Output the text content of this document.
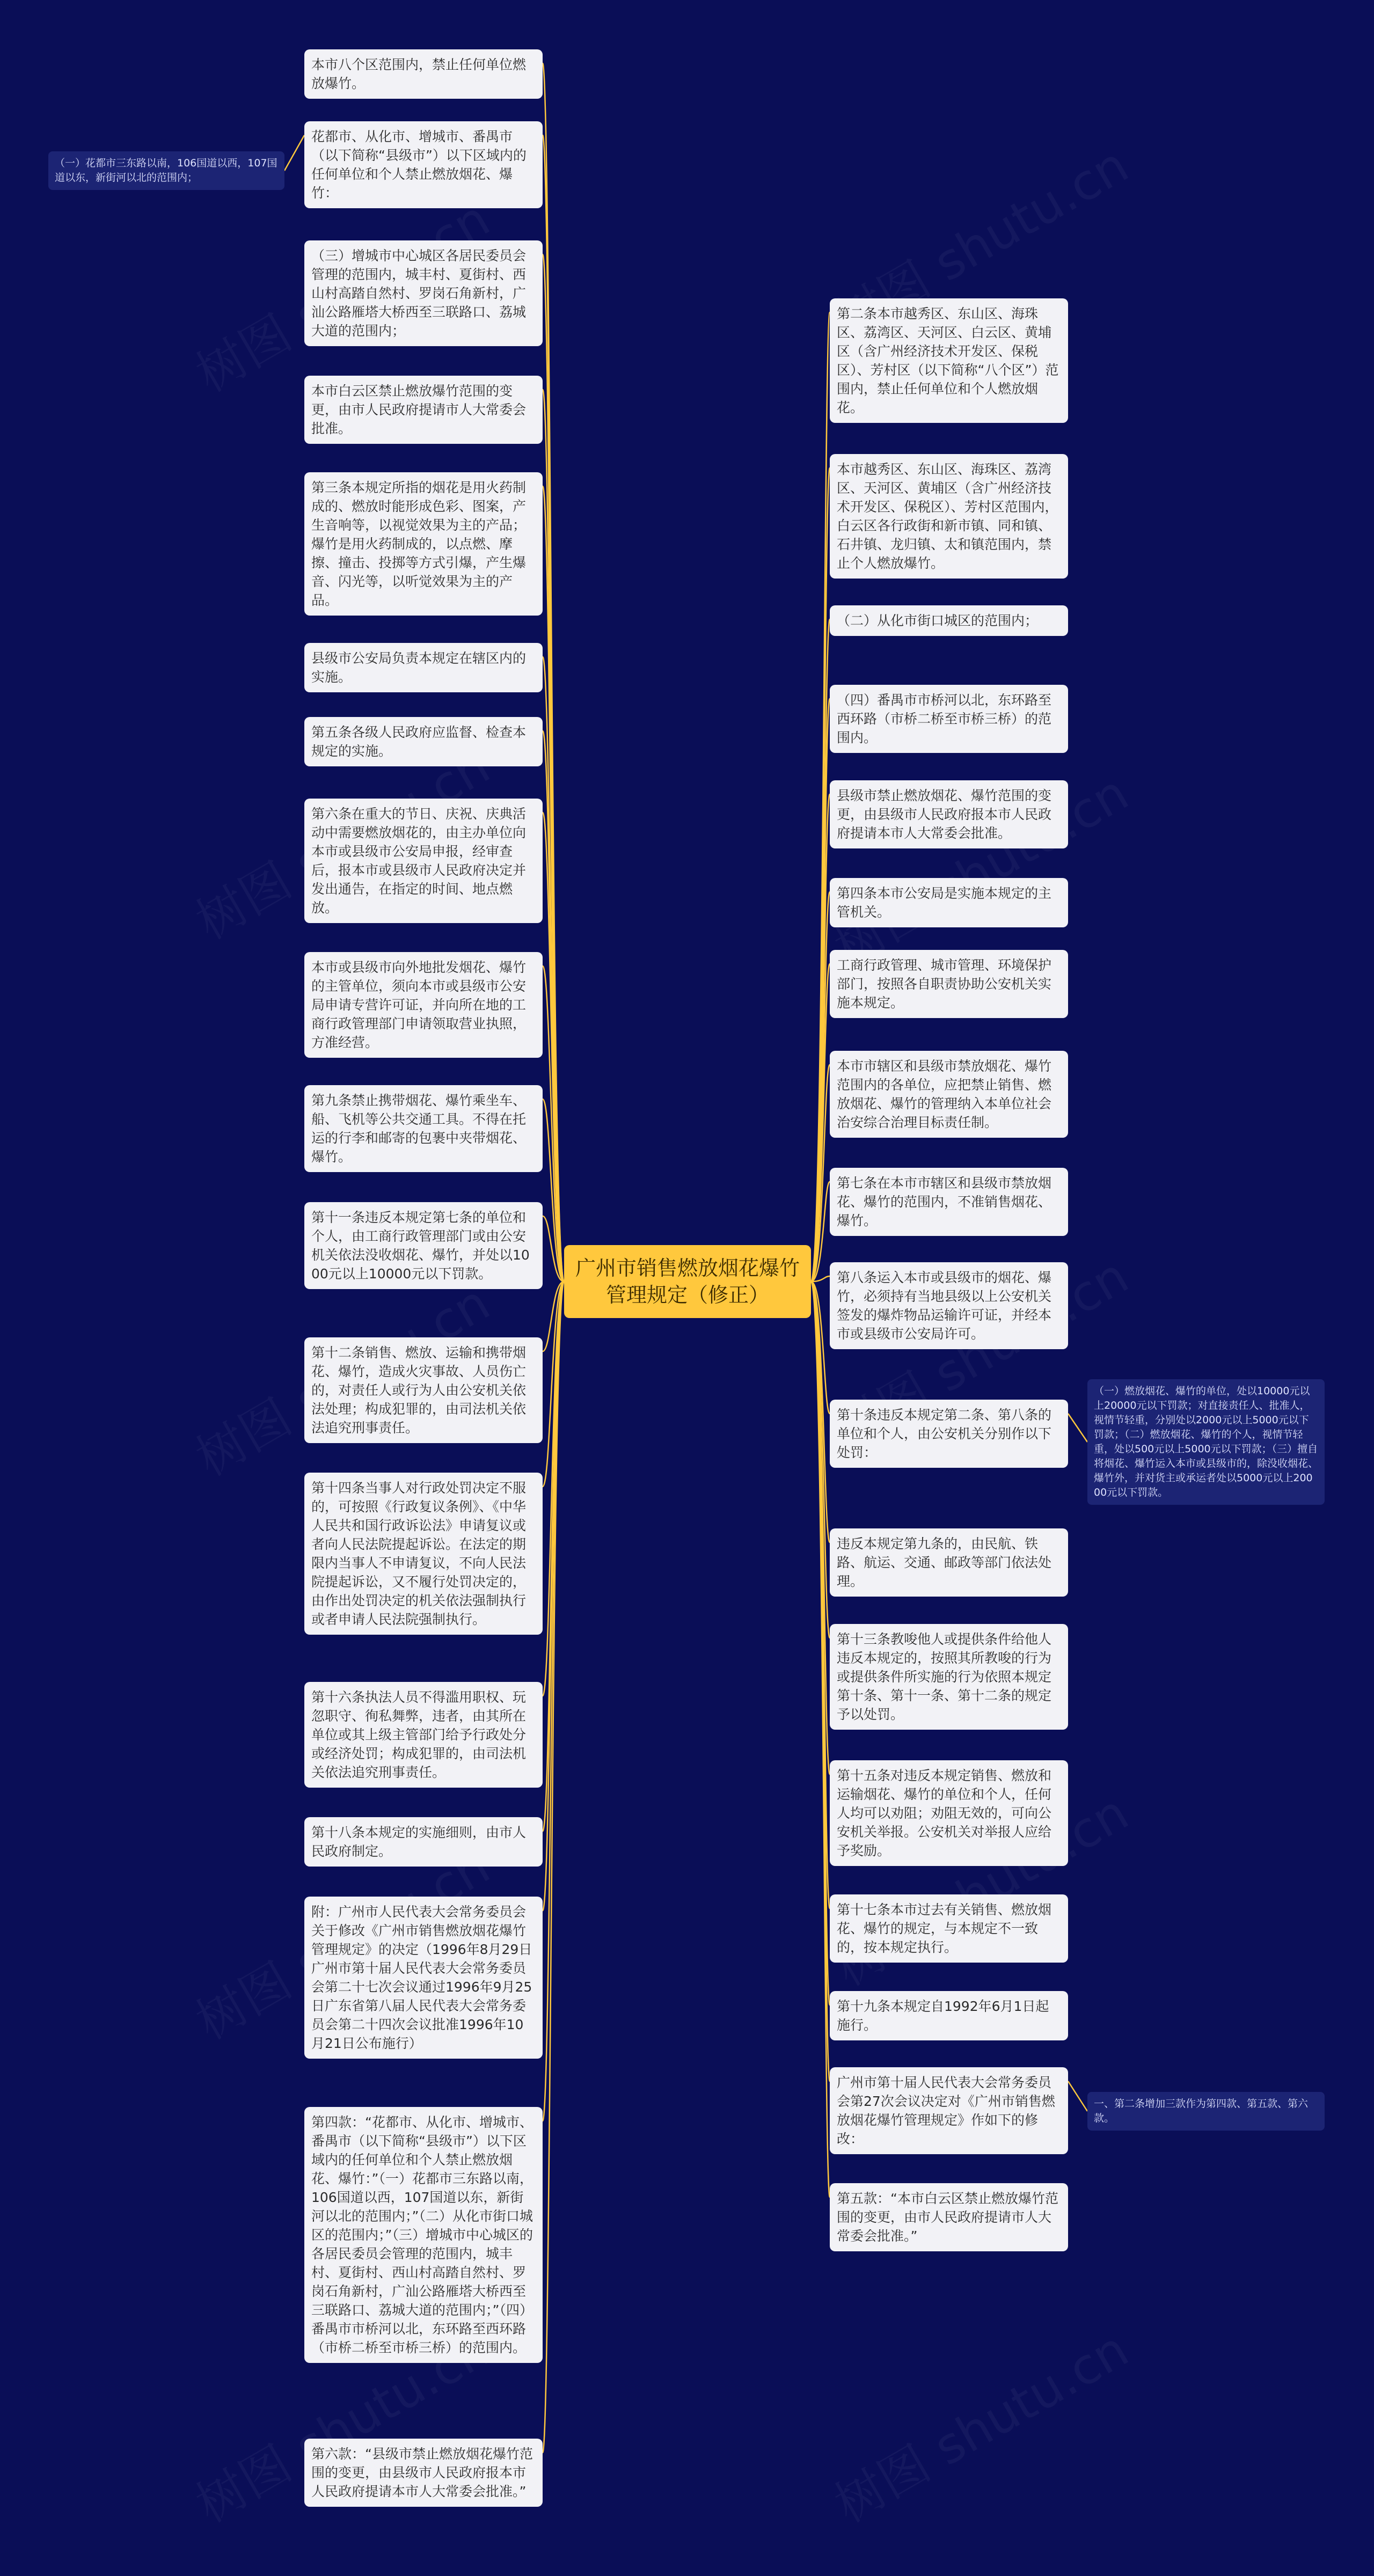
广州市销售燃放烟花爆竹管理规定（修正）
本市八个区范围内，禁止任何单位燃放爆竹。
花都市、从化市、增城市、番禺市（以下简称“县级市”）以下区域内的任何单位和个人禁止燃放烟花、爆竹：
（三）增城市中心城区各居民委员会管理的范围内，城丰村、夏街村、西山村高踏自然村、罗岗石角新村，广汕公路雁塔大桥西至三联路口、荔城大道的范围内；
本市白云区禁止燃放爆竹范围的变更，由市人民政府提请市人大常委会批准。
第三条本规定所指的烟花是用火药制成的、燃放时能形成色彩、图案，产生音响等，以视觉效果为主的产品；爆竹是用火药制成的，以点燃、摩擦、撞击、投掷等方式引爆，产生爆音、闪光等，以听觉效果为主的产品。
县级市公安局负责本规定在辖区内的实施。
第五条各级人民政府应监督、检查本规定的实施。
第六条在重大的节日、庆祝、庆典活动中需要燃放烟花的，由主办单位向本市或县级市公安局申报，经审查后，报本市或县级市人民政府决定并发出通告，在指定的时间、地点燃放。
本市或县级市向外地批发烟花、爆竹的主管单位，须向本市或县级市公安局申请专营许可证，并向所在地的工商行政管理部门申请领取营业执照，方准经营。
第九条禁止携带烟花、爆竹乘坐车、船、飞机等公共交通工具。不得在托运的行李和邮寄的包裹中夹带烟花、爆竹。
第十一条违反本规定第七条的单位和个人，由工商行政管理部门或由公安机关依法没收烟花、爆竹，并处以1000元以上10000元以下罚款。
第十二条销售、燃放、运输和携带烟花、爆竹，造成火灾事故、人员伤亡的，对责任人或行为人由公安机关依法处理；构成犯罪的，由司法机关依法追究刑事责任。
第十四条当事人对行政处罚决定不服的，可按照《行政复议条例》、《中华人民共和国行政诉讼法》申请复议或者向人民法院提起诉讼。在法定的期限内当事人不申请复议，不向人民法院提起诉讼，又不履行处罚决定的，由作出处罚决定的机关依法强制执行或者申请人民法院强制执行。
第十六条执法人员不得滥用职权、玩忽职守、徇私舞弊，违者，由其所在单位或其上级主管部门给予行政处分或经济处罚；构成犯罪的，由司法机关依法追究刑事责任。
第十八条本规定的实施细则，由市人民政府制定。
附：广州市人民代表大会常务委员会关于修改《广州市销售燃放烟花爆竹管理规定》的决定（1996年8月29日广州市第十届人民代表大会常务委员会第二十七次会议通过1996年9月25日广东省第八届人民代表大会常务委员会第二十四次会议批准1996年10月21日公布施行）
第四款：“花都市、从化市、增城市、番禺市（以下简称“县级市”）以下区域内的任何单位和个人禁止燃放烟花、爆竹：”（一）花都市三东路以南，106国道以西，107国道以东，新街河以北的范围内；”（二）从化市街口城区的范围内；”（三）增城市中心城区的各居民委员会管理的范围内，城丰村、夏街村、西山村高踏自然村、罗岗石角新村，广汕公路雁塔大桥西至三联路口、荔城大道的范围内；”（四）番禺市市桥河以北，东环路至西环路（市桥二桥至市桥三桥）的范围内。
第六款：“县级市禁止燃放烟花爆竹范围的变更，由县级市人民政府报本市人民政府提请本市人大常委会批准。”
（一）花都市三东路以南，106国道以西，107国道以东，新街河以北的范围内；
第二条本市越秀区、东山区、海珠区、荔湾区、天河区、白云区、黄埔区（含广州经济技术开发区、保税区）、芳村区（以下简称“八个区”）范围内，禁止任何单位和个人燃放烟花。
本市越秀区、东山区、海珠区、荔湾区、天河区、黄埔区（含广州经济技术开发区、保税区）、芳村区范围内，白云区各行政街和新市镇、同和镇、石井镇、龙归镇、太和镇范围内，禁止个人燃放爆竹。
（二）从化市街口城区的范围内；
（四）番禺市市桥河以北，东环路至西环路（市桥二桥至市桥三桥）的范围内。
县级市禁止燃放烟花、爆竹范围的变更，由县级市人民政府报本市人民政府提请本市人大常委会批准。
第四条本市公安局是实施本规定的主管机关。
工商行政管理、城市管理、环境保护部门，按照各自职责协助公安机关实施本规定。
本市市辖区和县级市禁放烟花、爆竹范围内的各单位，应把禁止销售、燃放烟花、爆竹的管理纳入本单位社会治安综合治理目标责任制。
第七条在本市市辖区和县级市禁放烟花、爆竹的范围内，不准销售烟花、爆竹。
第八条运入本市或县级市的烟花、爆竹，必须持有当地县级以上公安机关签发的爆炸物品运输许可证，并经本市或县级市公安局许可。
第十条违反本规定第二条、第八条的单位和个人，由公安机关分别作以下处罚：
违反本规定第九条的，由民航、铁路、航运、交通、邮政等部门依法处理。
第十三条教唆他人或提供条件给他人违反本规定的，按照其所教唆的行为或提供条件所实施的行为依照本规定第十条、第十一条、第十二条的规定予以处罚。
第十五条对违反本规定销售、燃放和运输烟花、爆竹的单位和个人，任何人均可以劝阻；劝阻无效的，可向公安机关举报。公安机关对举报人应给予奖励。
第十七条本市过去有关销售、燃放烟花、爆竹的规定，与本规定不一致的，按本规定执行。
第十九条本规定自1992年6月1日起施行。
广州市第十届人民代表大会常务委员会第27次会议决定对《广州市销售燃放烟花爆竹管理规定》作如下的修改：
第五款：“本市白云区禁止燃放爆竹范围的变更，由市人民政府提请市人大常委会批准。”
（一）燃放烟花、爆竹的单位，处以10000元以上20000元以下罚款；对直接责任人、批准人，视情节轻重，分别处以2000元以上5000元以下罚款；（二）燃放烟花、爆竹的个人，视情节轻重，处以500元以上5000元以下罚款；（三）擅自将烟花、爆竹运入本市或县级市的，除没收烟花、爆竹外，并对货主或承运者处以5000元以上20000元以下罚款。
一、第二条增加三款作为第四款、第五款、第六款。
